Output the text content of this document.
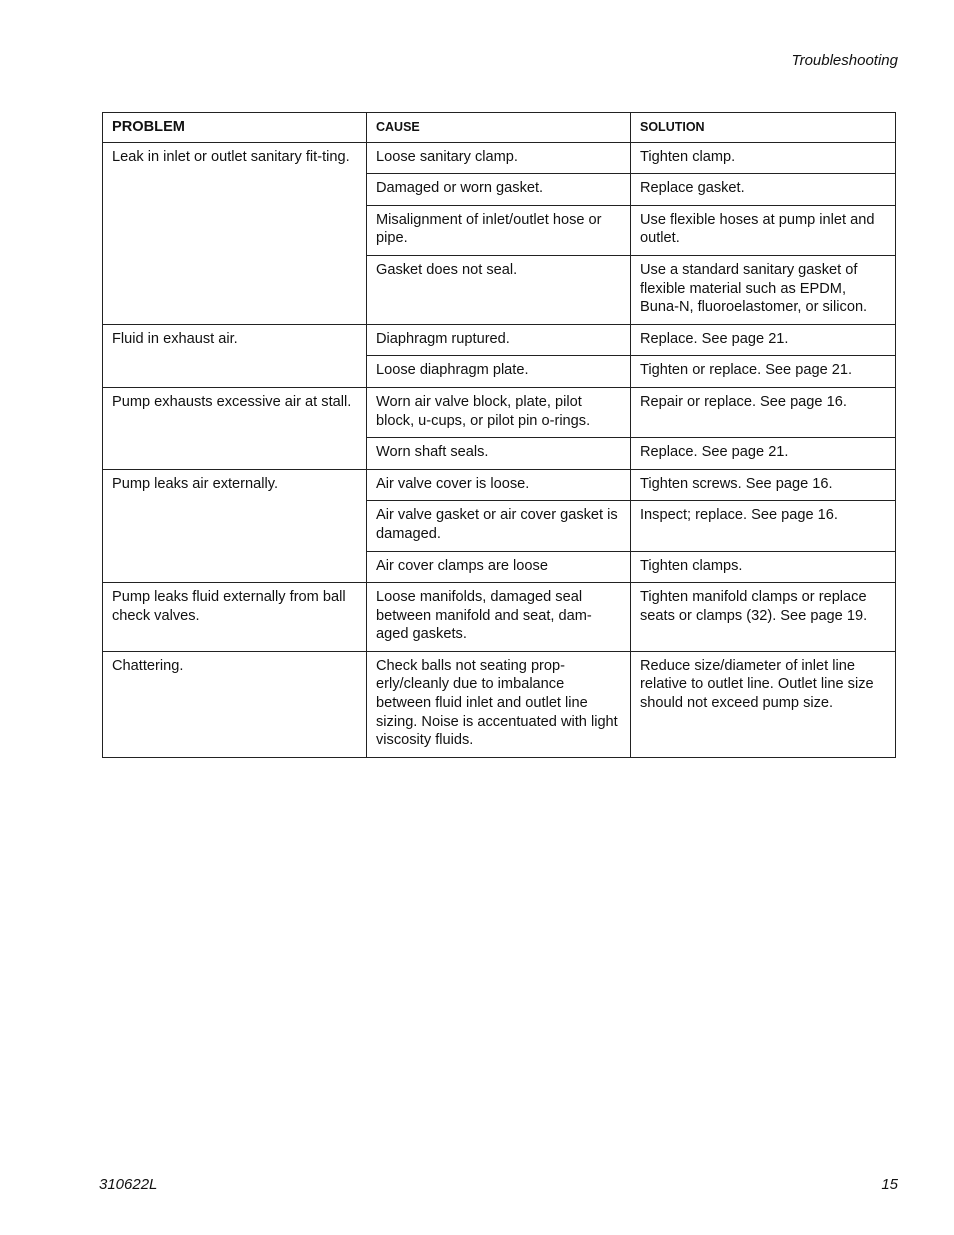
Troubleshooting
PROBLEM	CAUSE	SOLUTION
Leak in inlet or outlet sanitary fit-ting.	Loose sanitary clamp.	Tighten clamp.
	Damaged or worn gasket.	Replace gasket.
	Misalignment of inlet/outlet hose or pipe.	Use flexible hoses at pump inlet and outlet.
	Gasket does not seal.	Use a standard sanitary gasket of flexible material such as EPDM, Buna-N, fluoroelastomer, or silicon.
Fluid in exhaust air.	Diaphragm ruptured.	Replace. See page 21.
	Loose diaphragm plate.	Tighten or replace. See page 21.
Pump exhausts excessive air at stall.	Worn air valve block, plate, pilot block, u-cups, or pilot pin o-rings.	Repair or replace. See page 16.
	Worn shaft seals.	Replace. See page 21.
Pump leaks air externally.	Air valve cover is loose.	Tighten screws. See page 16.
	Air valve gasket or air cover gasket is damaged.	Inspect; replace. See page 16.
	Air cover clamps are loose	Tighten clamps.
Pump leaks fluid externally from ball check valves.	Loose manifolds, damaged seal between manifold and seat, dam-aged gaskets.	Tighten manifold clamps or replace seats or clamps (32). See page 19.
Chattering.	Check balls not seating prop-erly/cleanly due to imbalance between fluid inlet and outlet line sizing. Noise is accentuated with light viscosity fluids.	Reduce size/diameter of inlet line relative to outlet line. Outlet line size should not exceed pump size.
310622L	15
